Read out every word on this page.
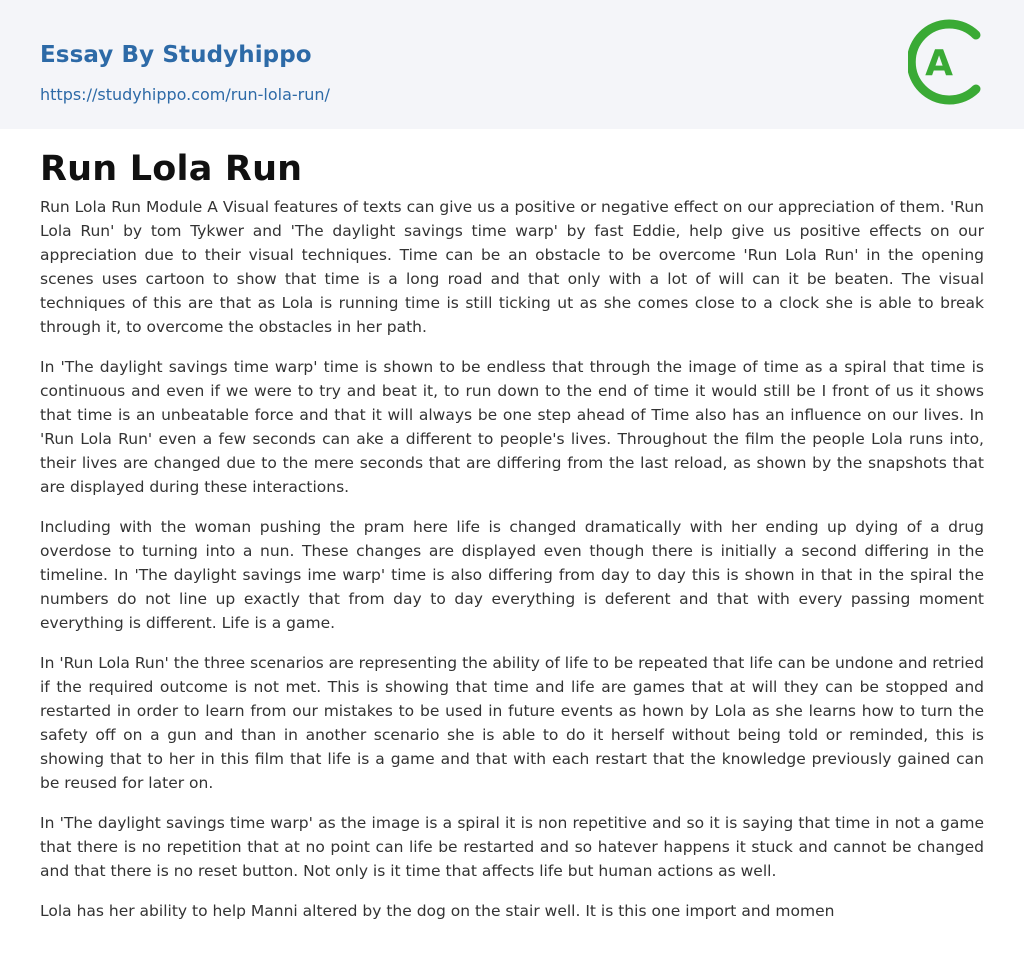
Essay By Studyhippo
https://studyhippo.com/run-lola-run/
A
Run Lola Run

Run Lola Run Module A Visual features of texts can give us a positive or negative effect on our appreciation of them. 'Run Lola Run' by tom Tykwer and 'The daylight savings time warp' by fast Eddie, help give us positive effects on our appreciation due to their visual techniques. Time can be an obstacle to be overcome 'Run Lola Run' in the opening scenes uses cartoon to show that time is a long road and that only with a lot of will can it be beaten. The visual techniques of this are that as Lola is running time is still ticking ut as she comes close to a clock she is able to break through it, to overcome the obstacles in her path.

In 'The daylight savings time warp' time is shown to be endless that through the image of time as a spiral that time is continuous and even if we were to try and beat it, to run down to the end of time it would still be I front of us it shows that time is an unbeatable force and that it will always be one step ahead of Time also has an influence on our lives. In 'Run Lola Run' even a few seconds can ake a different to people's lives. Throughout the film the people Lola runs into, their lives are changed due to the mere seconds that are differing from the last reload, as shown by the snapshots that are displayed during these interactions.

Including with the woman pushing the pram here life is changed dramatically with her ending up dying of a drug overdose to turning into a nun. These changes are displayed even though there is initially a second differing in the timeline. In 'The daylight savings ime warp' time is also differing from day to day this is shown in that in the spiral the numbers do not line up exactly that from day to day everything is deferent and that with every passing moment everything is different. Life is a game.

In 'Run Lola Run' the three scenarios are representing the ability of life to be repeated that life can be undone and retried if the required outcome is not met. This is showing that time and life are games that at will they can be stopped and restarted in order to learn from our mistakes to be used in future events as hown by Lola as she learns how to turn the safety off on a gun and than in another scenario she is able to do it herself without being told or reminded, this is showing that to her in this film that life is a game and that with each restart that the knowledge previously gained can be reused for later on.

In 'The daylight savings time warp' as the image is a spiral it is non repetitive and so it is saying that time in not a game that there is no repetition that at no point can life be restarted and so hatever happens it stuck and cannot be changed and that there is no reset button. Not only is it time that affects life but human actions as well.

Lola has her ability to help Manni altered by the dog on the stair well. It is this one import and momen
